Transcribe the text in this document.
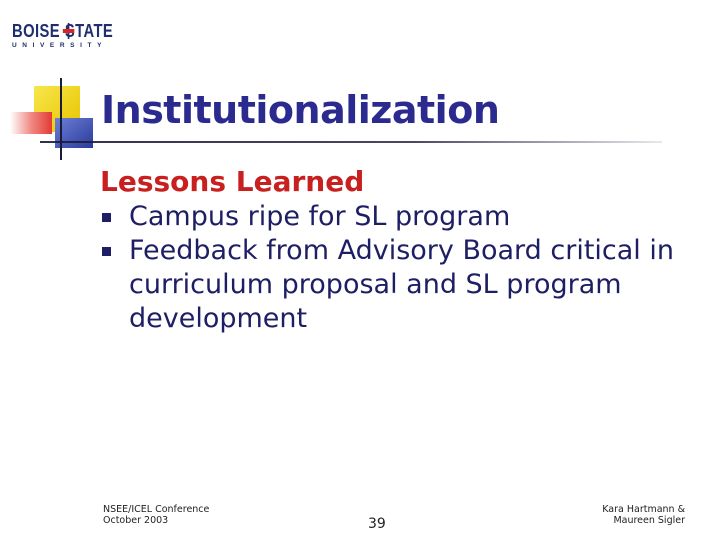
BOISE STATE
UNIVERSITY
Institutionalization
Lessons Learned
Campus ripe for SL program
Feedback from Advisory Board critical in curriculum proposal and SL program development
NSEE/ICEL Conference
October 2003	39
Kara Hartmann &
Maureen Sigler
